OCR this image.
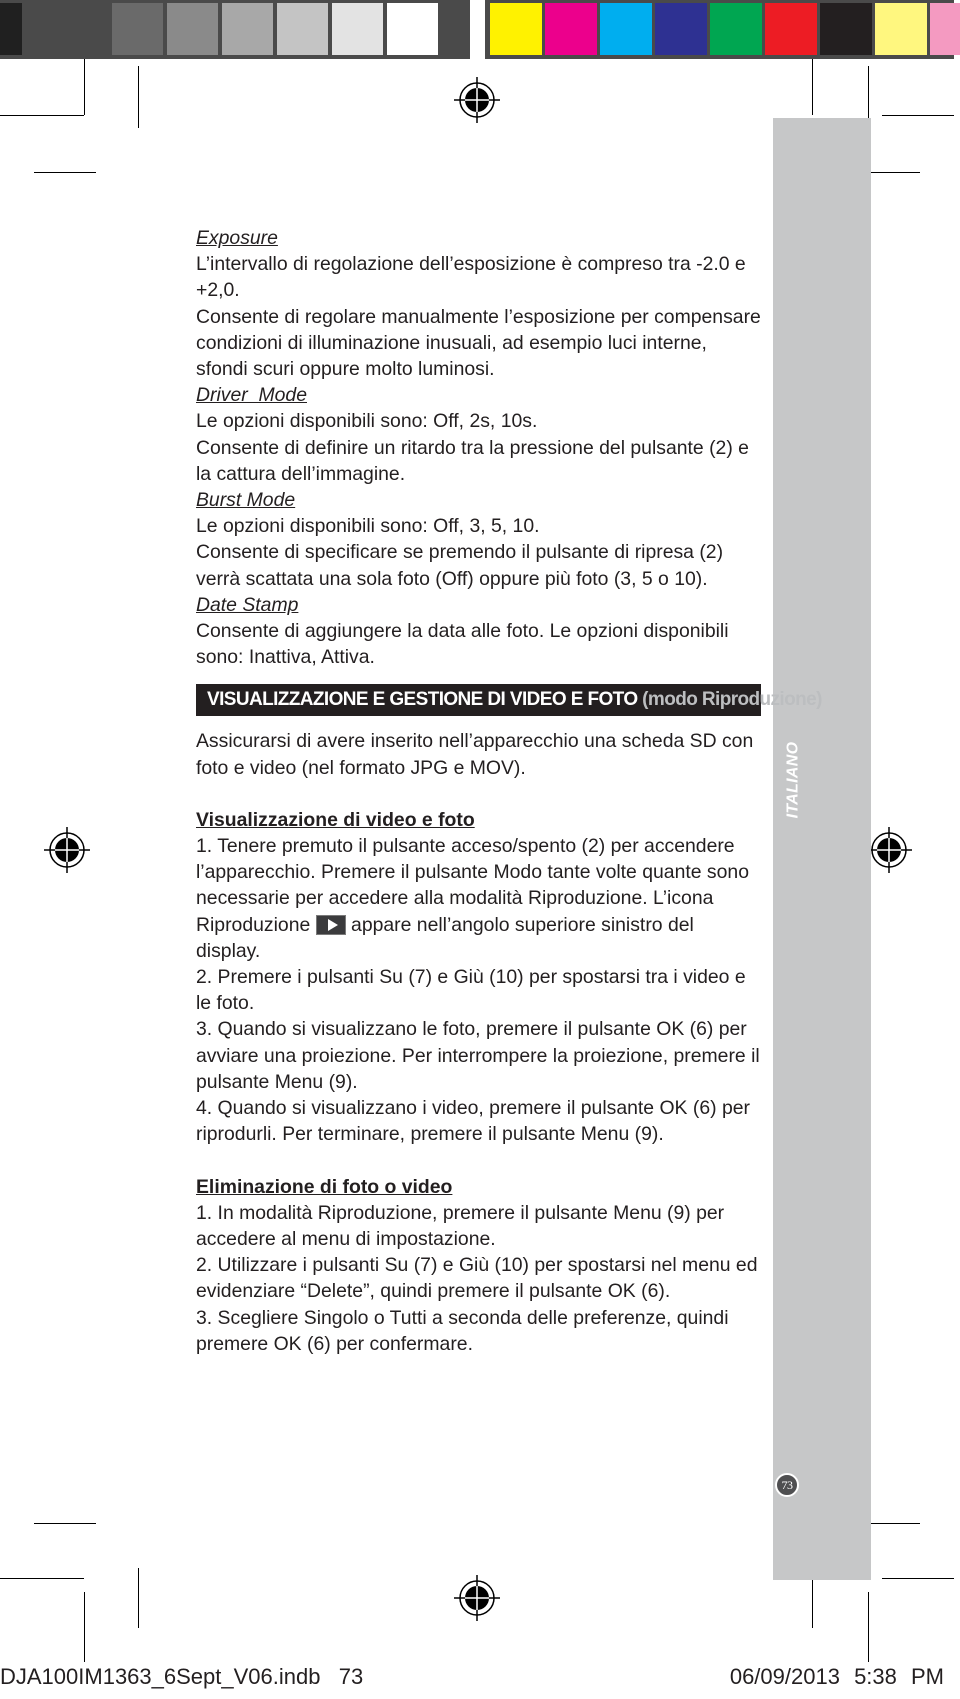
ITALIANO
73

Exposure

L’intervallo di regolazione dell’esposizione è compreso tra -2.0 e +2,0.

Consente di regolare manualmente l’esposizione per compensare condizioni di illuminazione inusuali, ad esempio luci interne, sfondi scuri oppure molto luminosi.

Driver  Mode

Le opzioni disponibili sono: Off, 2s, 10s.

Consente di definire un ritardo tra la pressione del pulsante (2) e la cattura dell’immagine.

Burst Mode

Le opzioni disponibili sono: Off, 3, 5, 10.

Consente di specificare se premendo il pulsante di ripresa (2) verrà scattata una sola foto (Off) oppure più foto (3, 5 o 10).

Date Stamp

Consente di aggiungere la data alle foto. Le opzioni disponibili sono: Inattiva, Attiva.

VISUALIZZAZIONE E GESTIONE DI VIDEO E FOTO (modo Riproduzione)

Assicurarsi di avere inserito nell’apparecchio una scheda SD con foto e video (nel formato JPG e MOV).

Visualizzazione di video e foto

1. Tenere premuto il pulsante acceso/spento (2) per accendere l’apparecchio. Premere il pulsante Modo tante volte quante sono necessarie per accedere alla modalità Riproduzione. L’icona Riproduzione  appare nell’angolo superiore sinistro del display.

2. Premere i pulsanti Su (7) e Giù (10) per spostarsi tra i video e le foto.

3. Quando si visualizzano le foto, premere il pulsante OK (6) per avviare una proiezione. Per interrompere la proiezione, premere il pulsante Menu (9).

4. Quando si visualizzano i video, premere il pulsante OK (6) per riprodurli. Per terminare, premere il pulsante Menu (9).

Eliminazione di foto o video

1. In modalità Riproduzione, premere il pulsante Menu (9) per accedere al menu di impostazione.

2. Utilizzare i pulsanti Su (7) e Giù (10) per spostarsi nel menu ed evidenziare “Delete”, quindi premere il pulsante OK (6).

3. Scegliere Singolo o Tutti a seconda delle preferenze, quindi premere OK (6) per confermare.

DJA100IM1363_6Sept_V06.indb   73	06/09/2013 5:38 PM
